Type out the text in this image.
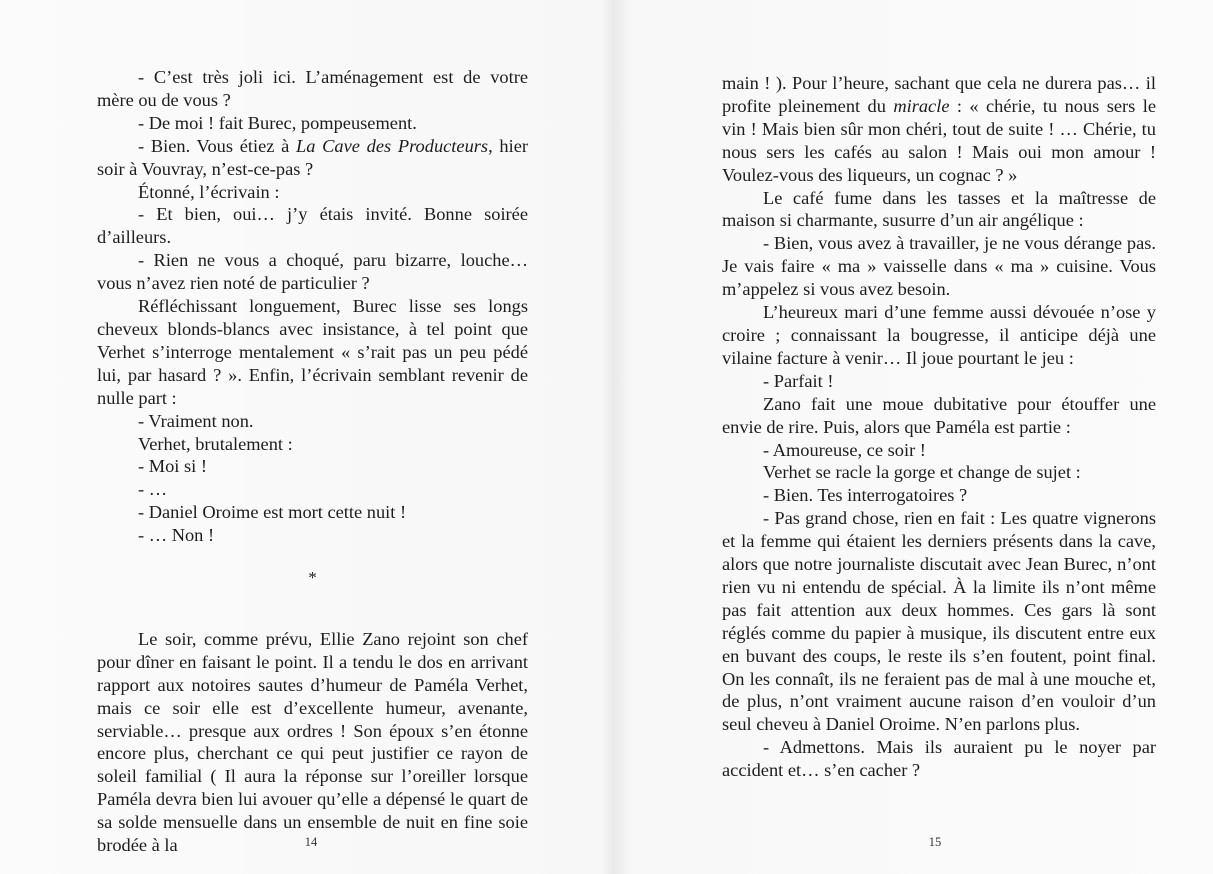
- C’est très joli ici. L’aménagement est de votre mère ou de vous ?

- De moi ! fait Burec, pompeusement.

- Bien. Vous étiez à La Cave des Producteurs, hier soir à Vouvray, n’est-ce-pas ?

Étonné, l’écrivain :

- Et bien, oui… j’y étais invité. Bonne soirée d’ailleurs.

- Rien ne vous a choqué, paru bizarre, louche… vous n’avez rien noté de particulier ?

Réfléchissant longuement, Burec lisse ses longs cheveux blonds-blancs avec insistance, à tel point que Verhet s’interroge mentalement « s’rait pas un peu pédé lui, par hasard ? ». Enfin, l’écrivain semblant revenir de nulle part :

- Vraiment non.

Verhet, brutalement :

- Moi si !

- …

- Daniel Oroime est mort cette nuit !

- … Non !

*

Le soir, comme prévu, Ellie Zano rejoint son chef pour dîner en faisant le point. Il a tendu le dos en arrivant rapport aux notoires sautes d’humeur de Paméla Verhet, mais ce soir elle est d’excellente humeur, avenante, serviable… presque aux ordres ! Son époux s’en étonne encore plus, cherchant ce qui peut justifier ce rayon de soleil familial ( Il aura la réponse sur l’oreiller lorsque Paméla devra bien lui avouer qu’elle a dépensé le quart de sa solde mensuelle dans un ensemble de nuit en fine soie brodée à la	14

main ! ). Pour l’heure, sachant que cela ne durera pas… il profite pleinement du miracle : « chérie, tu nous sers le vin ! Mais bien sûr mon chéri, tout de suite ! … Chérie, tu nous sers les cafés au salon ! Mais oui mon amour ! Voulez-vous des liqueurs, un cognac ? »

Le café fume dans les tasses et la maîtresse de maison si charmante, susurre d’un air angélique :

- Bien, vous avez à travailler, je ne vous dérange pas. Je vais faire « ma » vaisselle dans « ma » cuisine. Vous m’appelez si vous avez besoin.

L’heureux mari d’une femme aussi dévouée n’ose y croire ; connaissant la bougresse, il anticipe déjà une vilaine facture à venir… Il joue pourtant le jeu :

- Parfait !

Zano fait une moue dubitative pour étouffer une envie de rire. Puis, alors que Paméla est partie :

- Amoureuse, ce soir !

Verhet se racle la gorge et change de sujet :

- Bien. Tes interrogatoires ?

- Pas grand chose, rien en fait : Les quatre vignerons et la femme qui étaient les derniers présents dans la cave, alors que notre journaliste discutait avec Jean Burec, n’ont rien vu ni entendu de spécial. À la limite ils n’ont même pas fait attention aux deux hommes. Ces gars là sont réglés comme du papier à musique, ils discutent entre eux en buvant des coups, le reste ils s’en foutent, point final. On les connaît, ils ne feraient pas de mal à une mouche et, de plus, n’ont vraiment aucune raison d’en vouloir d’un seul cheveu à Daniel Oroime. N’en parlons plus.

- Admettons. Mais ils auraient pu le noyer par accident et… s’en cacher ?

15
